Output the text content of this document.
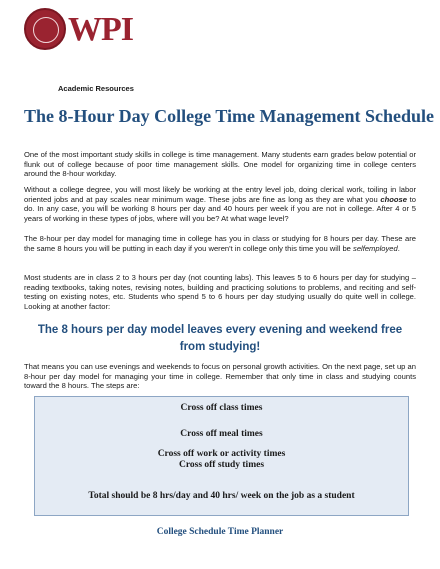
WPI
Academic Resources
The 8-Hour Day College Time Management Schedule

One of the most important study skills in college is time management. Many students earn grades below potential or flunk out of college because of poor time management skills. One model for organizing time in college centers around the 8-hour workday.

Without a college degree, you will most likely be working at the entry level job, doing clerical work, toiling in labor oriented jobs and at pay scales near minimum wage. These jobs are fine as long as they are what you choose to do. In any case, you will be working 8 hours per day and 40 hours per week if you are not in college. After 4 or 5 years of working in these types of jobs, where will you be? At what wage level?

The 8-hour per day model for managing time in college has you in class or studying for 8 hours per day. These are the same 8 hours you will be putting in each day if you weren't in college only this time you will be selfemployed.

Most students are in class 2 to 3 hours per day (not counting labs). This leaves 5 to 6 hours per day for studying – reading textbooks, taking notes, revising notes, building and practicing solutions to problems, and reciting and self-testing on existing notes, etc. Students who spend 5 to 6 hours per day studying usually do quite well in college. Looking at another factor:

The 8 hours per day model leaves every evening and weekend free from studying!

That means you can use evenings and weekends to focus on personal growth activities. On the next page, set up an 8-hour per day model for managing your time in college. Remember that only time in class and studying counts toward the 8 hours. The steps are:

Cross off class times
Cross off meal times
Cross off work or activity times
Cross off study times
Total should be 8 hrs/day and 40 hrs/ week on the job as a student
College Schedule Time Planner
